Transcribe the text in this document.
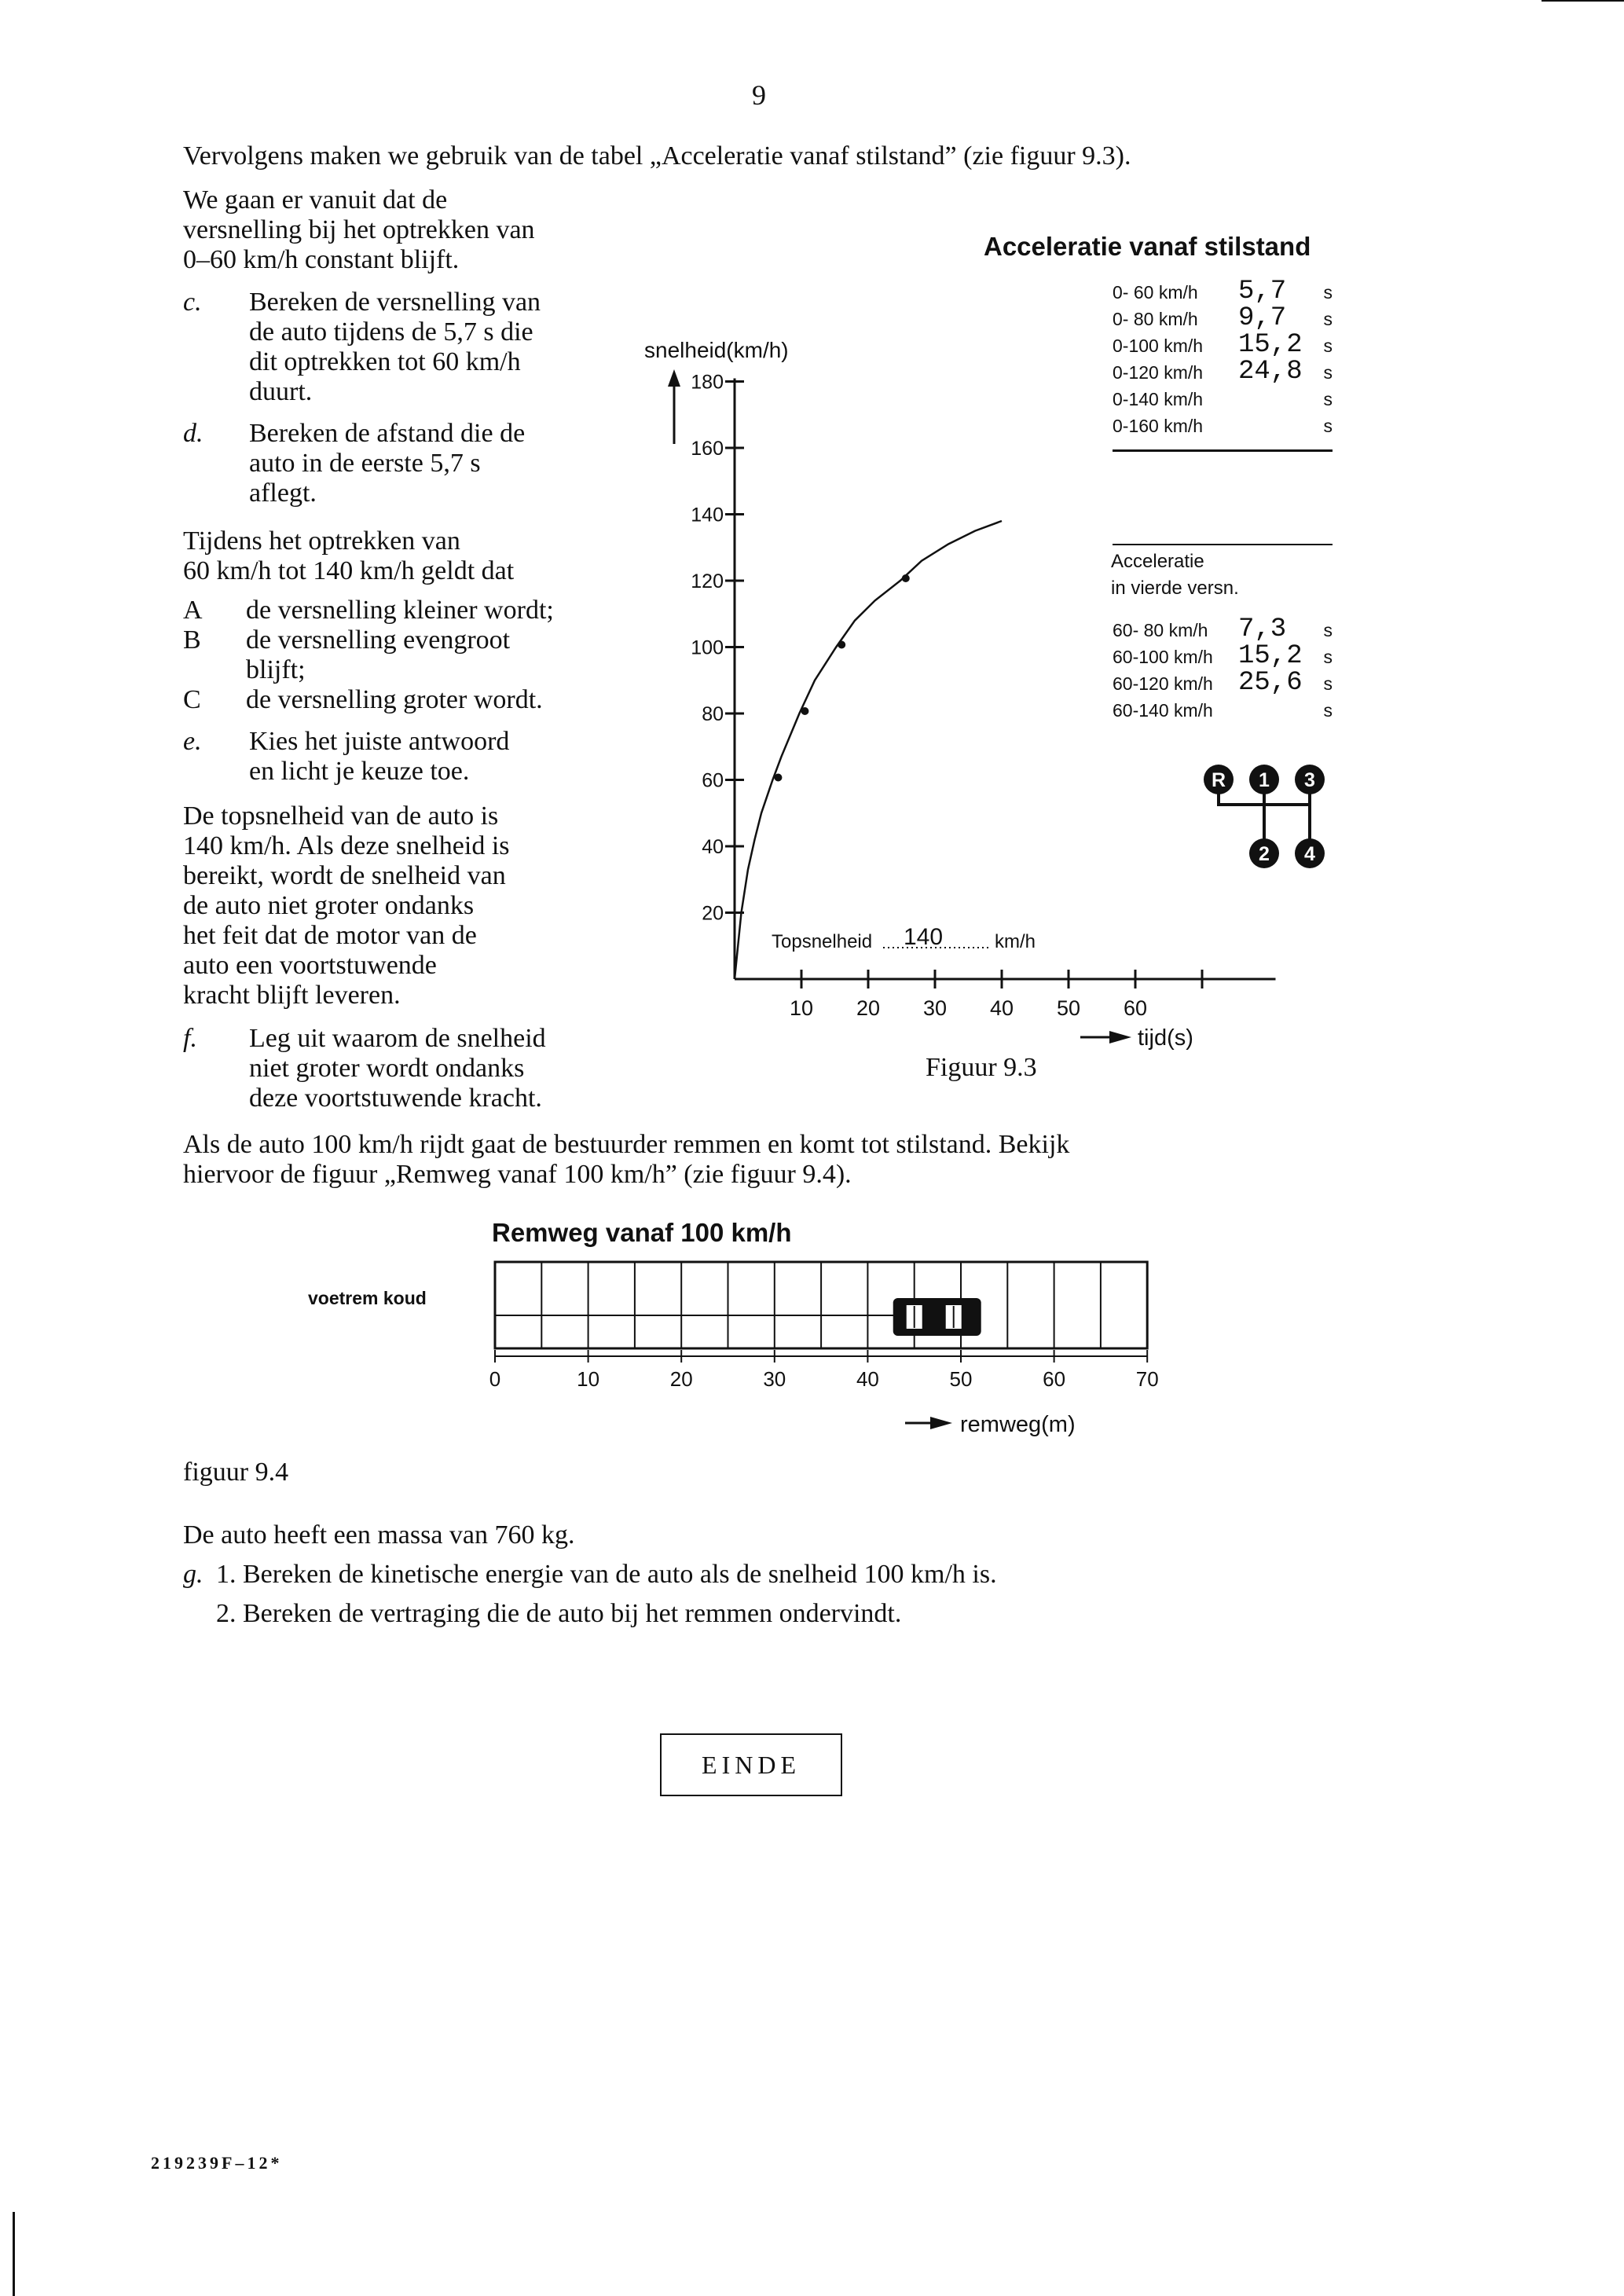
9
Vervolgens maken we gebruik van de tabel „Acceleratie vanaf stilstand” (zie figuur 9.3).
We gaan er vanuit dat de
versnelling bij het optrekken van
0–60 km/h constant blijft.
c. Bereken de versnelling van
de auto tijdens de 5,7 s die
dit optrekken tot 60 km/h
duurt.
d. Bereken de afstand die de
auto in de eerste 5,7 s
aflegt.
Tijdens het optrekken van
60 km/h tot 140 km/h geldt dat
A de versnelling kleiner wordt;
B de versnelling evengroot
blijft;
C de versnelling groter wordt.
e. Kies het juiste antwoord
en licht je keuze toe.
De topsnelheid van de auto is
140 km/h. Als deze snelheid is
bereikt, wordt de snelheid van
de auto niet groter ondanks
het feit dat de motor van de
auto een voortstuwende
kracht blijft leveren.
f. Leg uit waarom de snelheid
niet groter wordt ondanks
deze voortstuwende kracht.
Acceleratie vanaf stilstand
0- 60 km/h 5,7 s
0- 80 km/h 9,7 s
0-100 km/h 15,2 s
0-120 km/h 24,8 s
0-140 km/h	s
0-160 km/h	s
Acceleratie
in vierde versn.
60- 80 km/h 7,3 s
60-100 km/h 15,2 s
60-120 km/h 25,6 s
60-140 km/h	s
R 1 3
2 4
20
40
60
80
100
120
140
160
180
10 20 30 40 50 60
snelheid(km/h)
tijd(s)
Topsnelheid 140	km/h
Figuur 9.3
Als de auto 100 km/h rijdt gaat de bestuurder remmen en komt tot stilstand. Bekijk
hiervoor de figuur „Remweg vanaf 100 km/h” (zie figuur 9.4).
Remweg vanaf 100 km/h
voetrem koud
0	10	20	30	40	50	60	70
remweg(m)
figuur 9.4
De auto heeft een massa van 760 kg.
g. 1. Bereken de kinetische energie van de auto als de snelheid 100 km/h is.
2. Bereken de vertraging die de auto bij het remmen ondervindt.
EINDE
219239F‒12*
